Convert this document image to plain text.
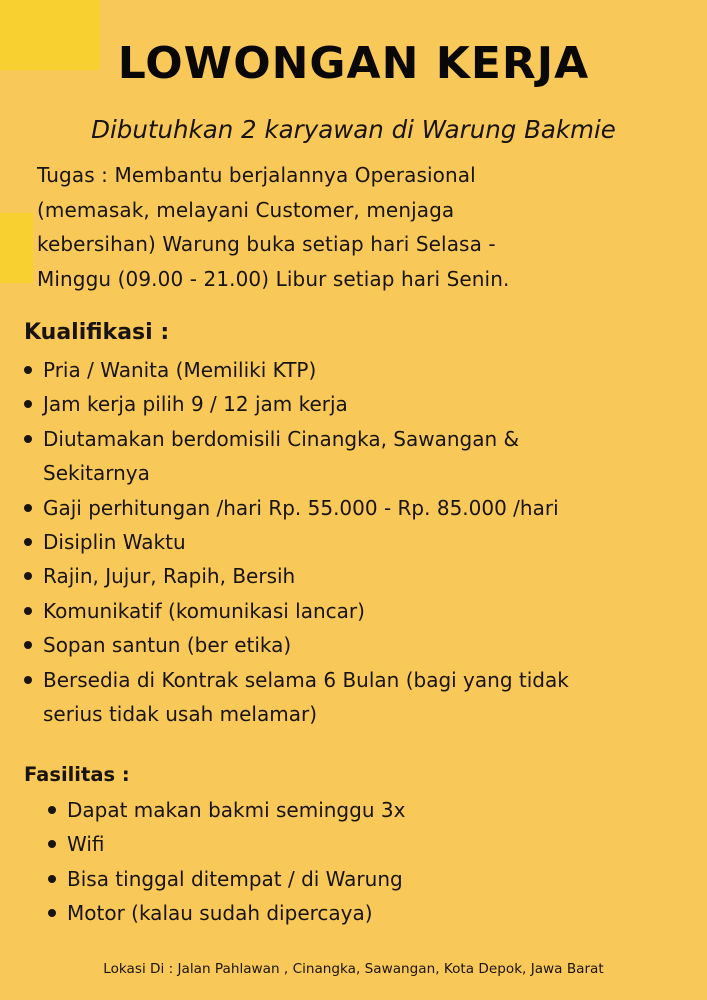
LOWONGAN KERJA

Dibutuhkan 2 karyawan di Warung Bakmie

Tugas : Membantu berjalannya Operasional
(memasak, melayani Customer, menjaga
kebersihan) Warung buka setiap hari Selasa -
Minggu (09.00 - 21.00) Libur setiap hari Senin.

Kualifikasi :
Pria / Wanita (Memiliki KTP)
Jam kerja pilih 9 / 12 jam kerja
Diutamakan berdomisili Cinangka, Sawangan &
Sekitarnya
Gaji perhitungan /hari Rp. 55.000 - Rp. 85.000 /hari
Disiplin Waktu
Rajin, Jujur, Rapih, Bersih
Komunikatif (komunikasi lancar)
Sopan santun (ber etika)
Bersedia di Kontrak selama 6 Bulan (bagi yang tidak
serius tidak usah melamar)
Fasilitas :
Dapat makan bakmi seminggu 3x
Wifi
Bisa tinggal ditempat / di Warung
Motor (kalau sudah dipercaya)

Lokasi Di : Jalan Pahlawan , Cinangka, Sawangan, Kota Depok, Jawa Barat
